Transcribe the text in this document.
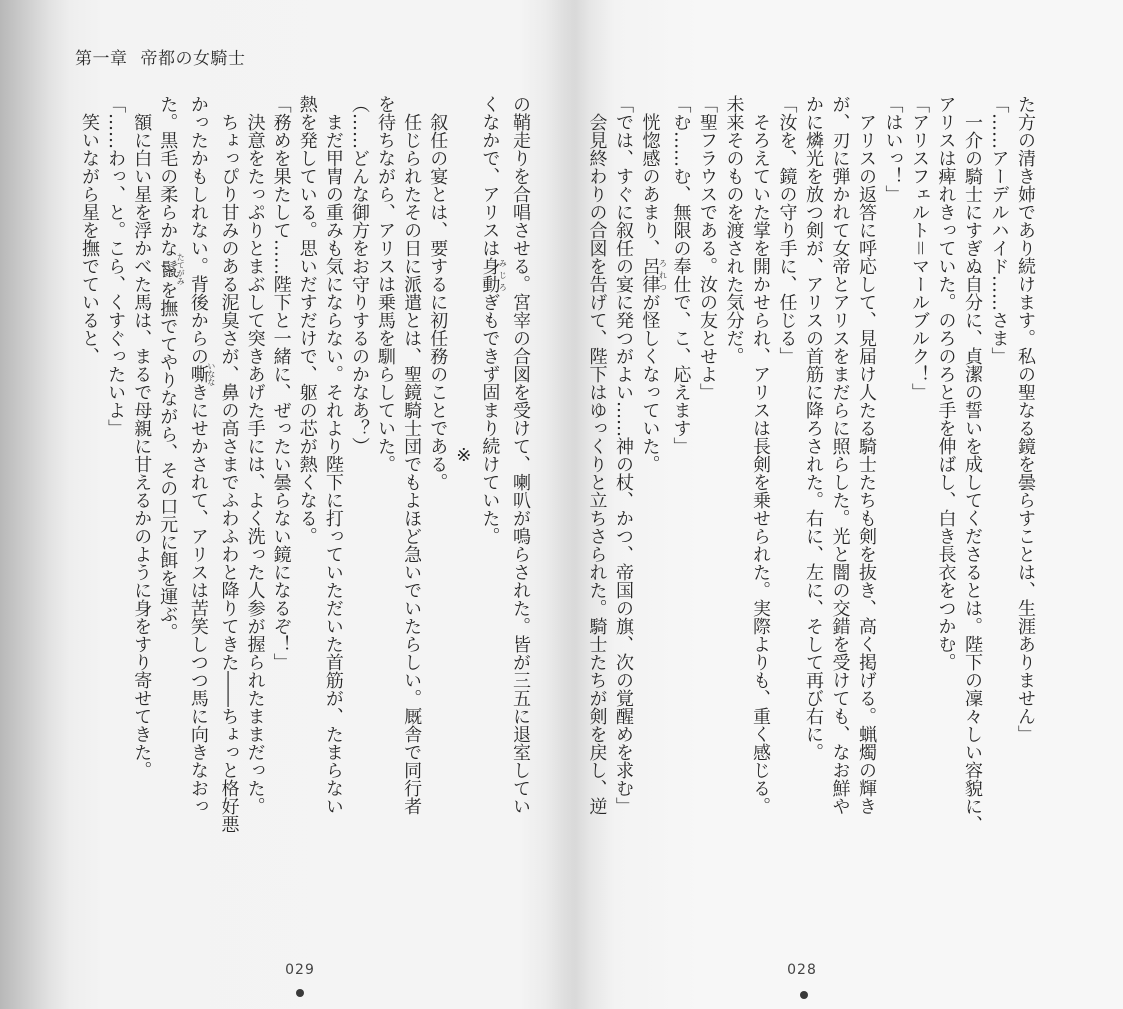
第一章 帝都の女騎士
の鞘走りを合唱させる。宮宰の合図を受けて、喇叭が鳴らされた。皆が三五に退室してい
くなかで、アリスは身動みじろぎもできず固まり続けていた。
※
叙任の宴とは、要するに初任務のことである。
任じられたその日に派遣とは、聖鏡騎士団でもよほど急いでいたらしい。厩舎で同行者
を待ちながら、アリスは乗馬を馴らしていた。
（……どんな御方をお守りするのかなあ？）
まだ甲冑の重みも気にならない。それより陛下に打っていただいた首筋が、たまらない
熱を発している。思いだすだけで、躯の芯が熱くなる。
「務めを果たして……陛下と一緒に、ぜったい曇らない鏡になるぞ！」
決意をたっぷりとまぶして突きあげた手には、よく洗った人参が握られたままだった。
ちょっぴり甘みのある泥臭さが、鼻の高さまでふわふわと降りてきた――ちょっと格好悪
かったかもしれない。背後からの嘶いななきにせかされて、アリスは苦笑しつつ馬に向きなおっ
た。黒毛の柔らかな鬣たてがみを撫でてやりながら、その口元に餌を運ぶ。
額に白い星を浮かべた馬は、まるで母親に甘えるかのように身をすり寄せてきた。
「……わっ、と。こら、くすぐったいよ」
笑いながら星を撫でていると、
029
た方の清き姉であり続けます。私の聖なる鏡を曇らすことは、生涯ありません」
「……アーデルハイド……さま」
一介の騎士にすぎぬ自分に、貞潔の誓いを成してくださるとは。陛下の凜々しい容貌に、
アリスは痺れきっていた。のろのろと手を伸ばし、白き長衣をつかむ。
「アリスフェルト＝マールブルク！」
「はいっ！」
アリスの返答に呼応して、見届け人たる騎士たちも剣を抜き、高く掲げる。蝋燭の輝き
が、刃に弾かれて女帝とアリスをまだらに照らした。光と闇の交錯を受けても、なお鮮や
かに燐光を放つ剣が、アリスの首筋に降ろされた。右に、左に、そして再び右に。
「汝を、鏡の守り手に、任じる」
そろえていた掌を開かせられ、アリスは長剣を乗せられた。実際よりも、重く感じる。
未来そのものを渡された気分だ。
「聖フラウスである。汝の友とせよ」
「む……む、無限の奉仕で、こ、応えます」
恍惚感のあまり、呂律ろれつが怪しくなっていた。
「では、すぐに叙任の宴に発つがよい……神の杖、かつ、帝国の旗、次の覚醒めを求む」
会見終わりの合図を告げて、陛下はゆっくりと立ちさられた。騎士たちが剣を戻し、逆
028
